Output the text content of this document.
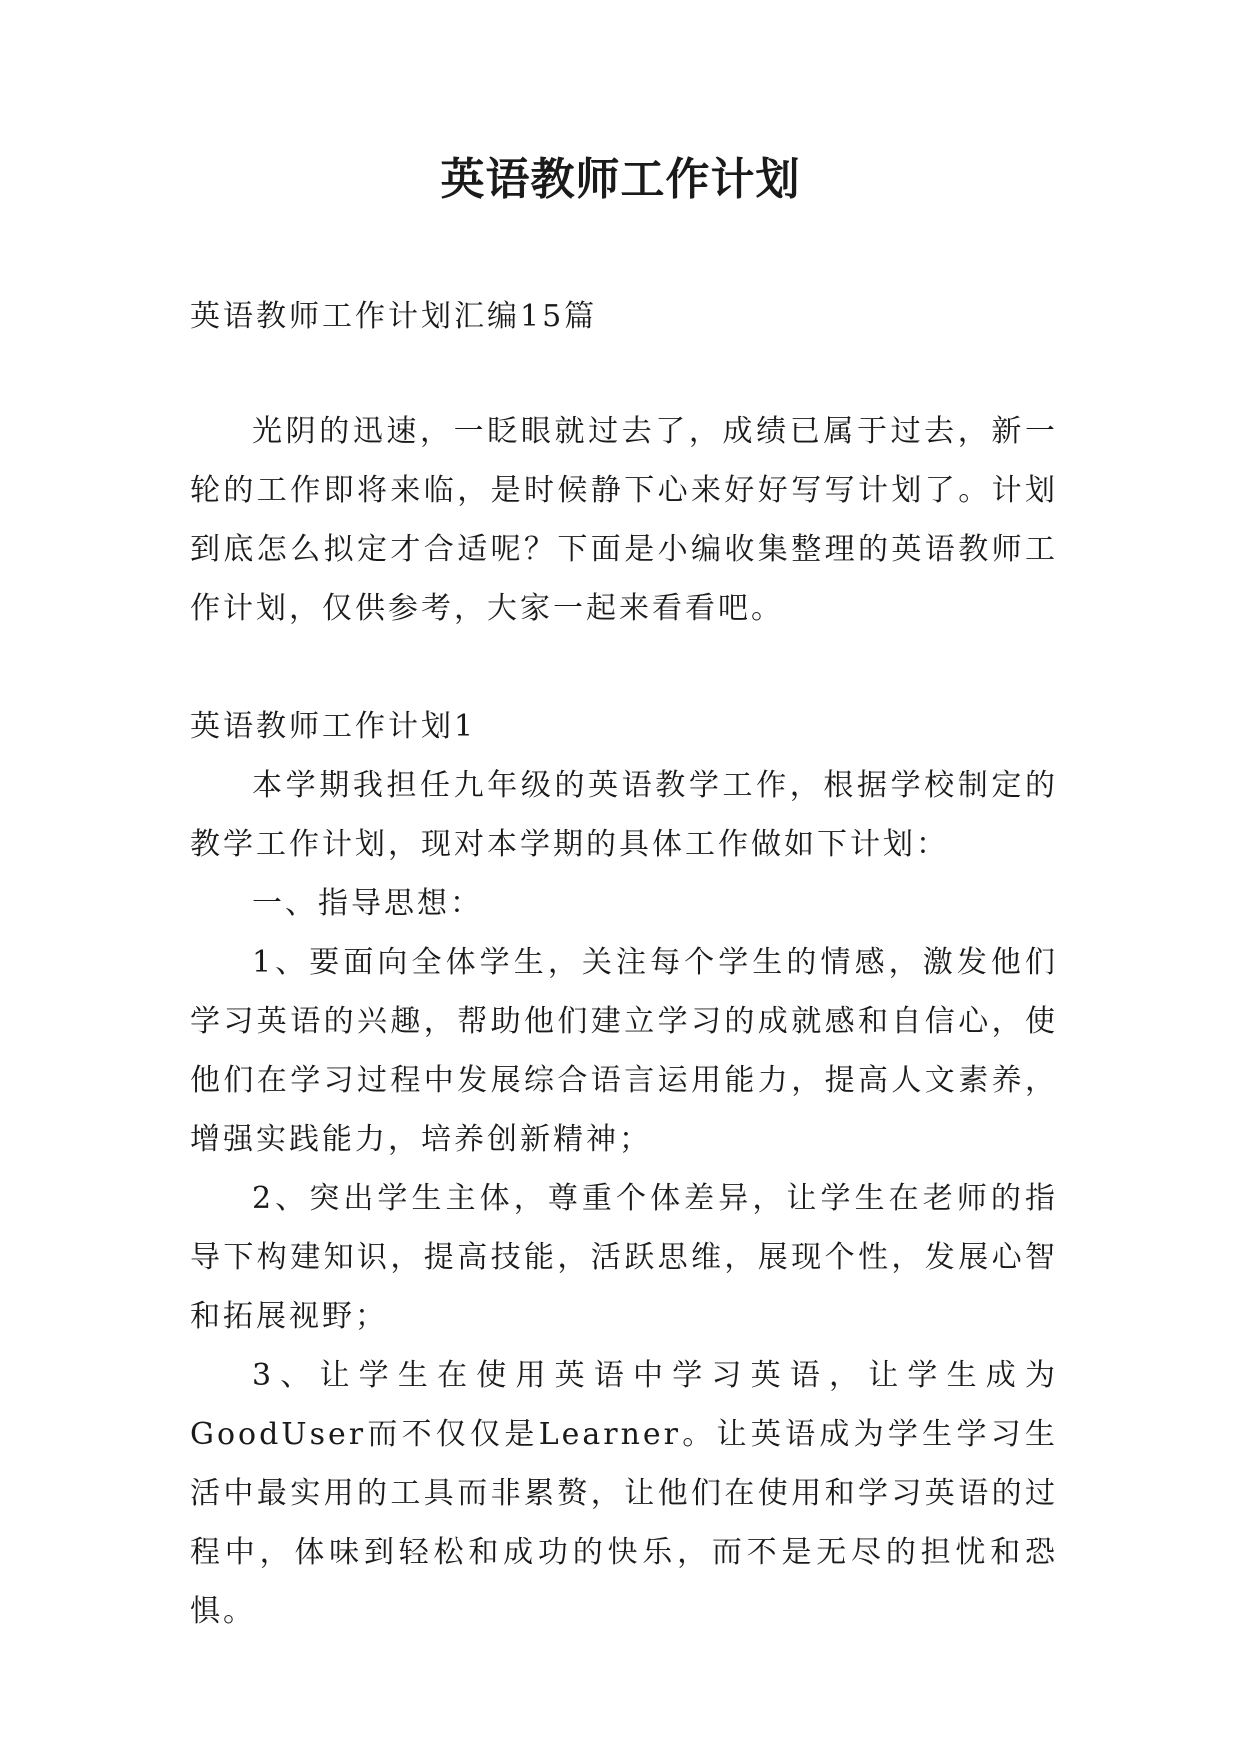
英语教师工作计划

英语教师工作计划汇编15篇

光阴的迅速，一眨眼就过去了，成绩已属于过去，新一轮的工作即将来临，是时候静下心来好好写写计划了。计划到底怎么拟定才合适呢？下面是小编收集整理的英语教师工作计划，仅供参考，大家一起来看看吧。

英语教师工作计划1

本学期我担任九年级的英语教学工作，根据学校制定的教学工作计划，现对本学期的具体工作做如下计划：

一、指导思想：

1、要面向全体学生，关注每个学生的情感，激发他们学习英语的兴趣，帮助他们建立学习的成就感和自信心，使他们在学习过程中发展综合语言运用能力，提高人文素养，增强实践能力，培养创新精神；

2、突出学生主体，尊重个体差异，让学生在老师的指导下构建知识，提高技能，活跃思维，展现个性，发展心智和拓展视野；

3、让学生在使用英语中学习英语，让学生成为GoodUser而不仅仅是Learner。让英语成为学生学习生活中最实用的工具而非累赘，让他们在使用和学习英语的过程中，体味到轻松和成功的快乐，而不是无尽的担忧和恐惧。
